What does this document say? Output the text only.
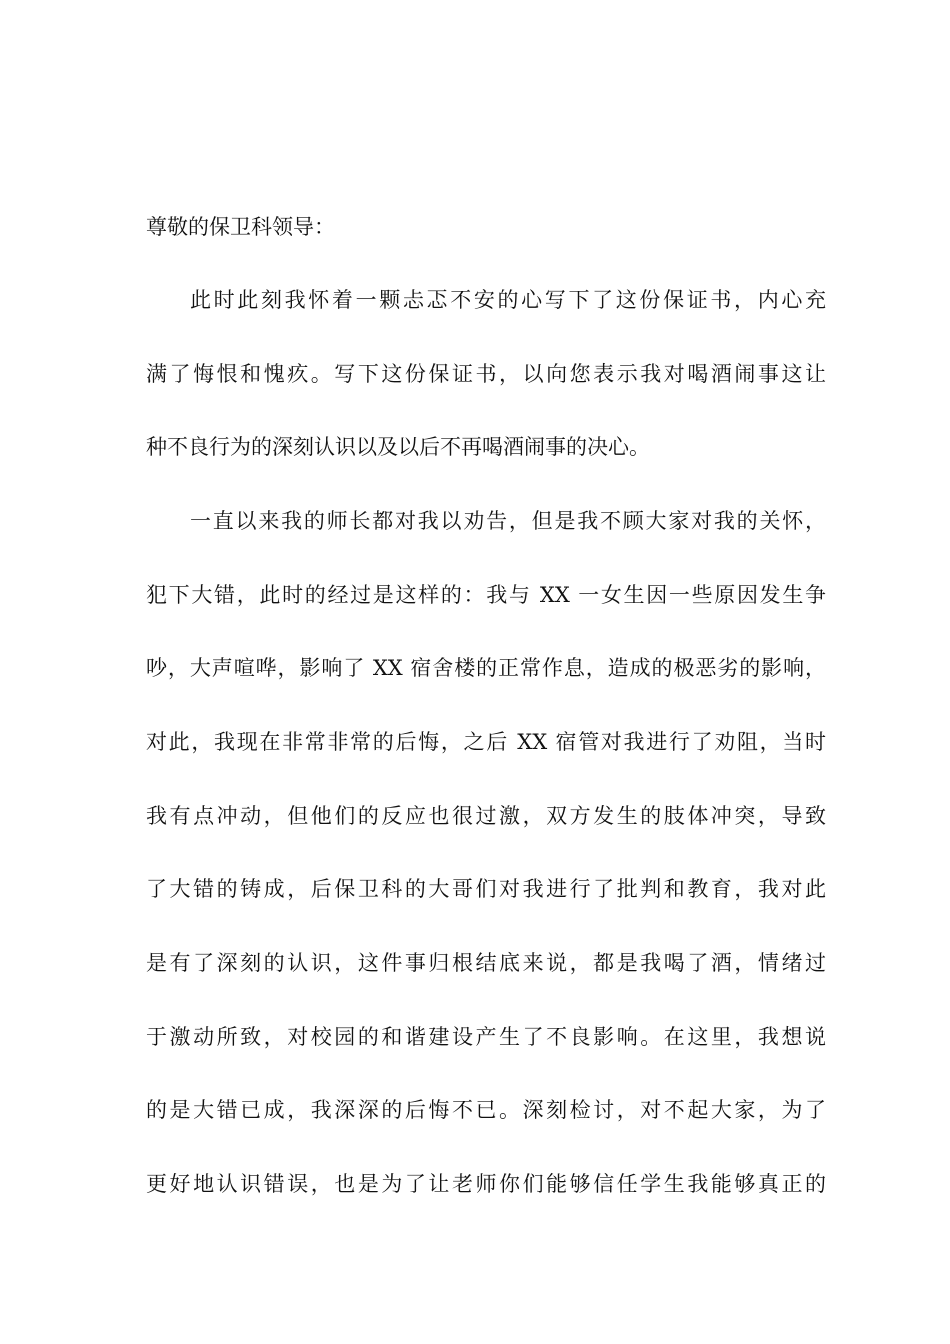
尊敬的保卫科领导：
此时此刻我怀着一颗忐忑不安的心写下了这份保证书，内心充
满了悔恨和愧疚。写下这份保证书，以向您表示我对喝酒闹事这让
种不良行为的深刻认识以及以后不再喝酒闹事的决心。
一直以来我的师长都对我以劝告，但是我不顾大家对我的关怀，
犯下大错，此时的经过是这样的：我与 XX 一女生因一些原因发生争
吵，大声喧哗，影响了 XX 宿舍楼的正常作息，造成的极恶劣的影响，
对此，我现在非常非常的后悔，之后 XX 宿管对我进行了劝阻，当时
我有点冲动，但他们的反应也很过激，双方发生的肢体冲突，导致
了大错的铸成，后保卫科的大哥们对我进行了批判和教育，我对此
是有了深刻的认识，这件事归根结底来说，都是我喝了酒，情绪过
于激动所致，对校园的和谐建设产生了不良影响。在这里，我想说
的是大错已成，我深深的后悔不已。深刻检讨，对不起大家，为了
更好地认识错误，也是为了让老师你们能够信任学生我能够真正的
